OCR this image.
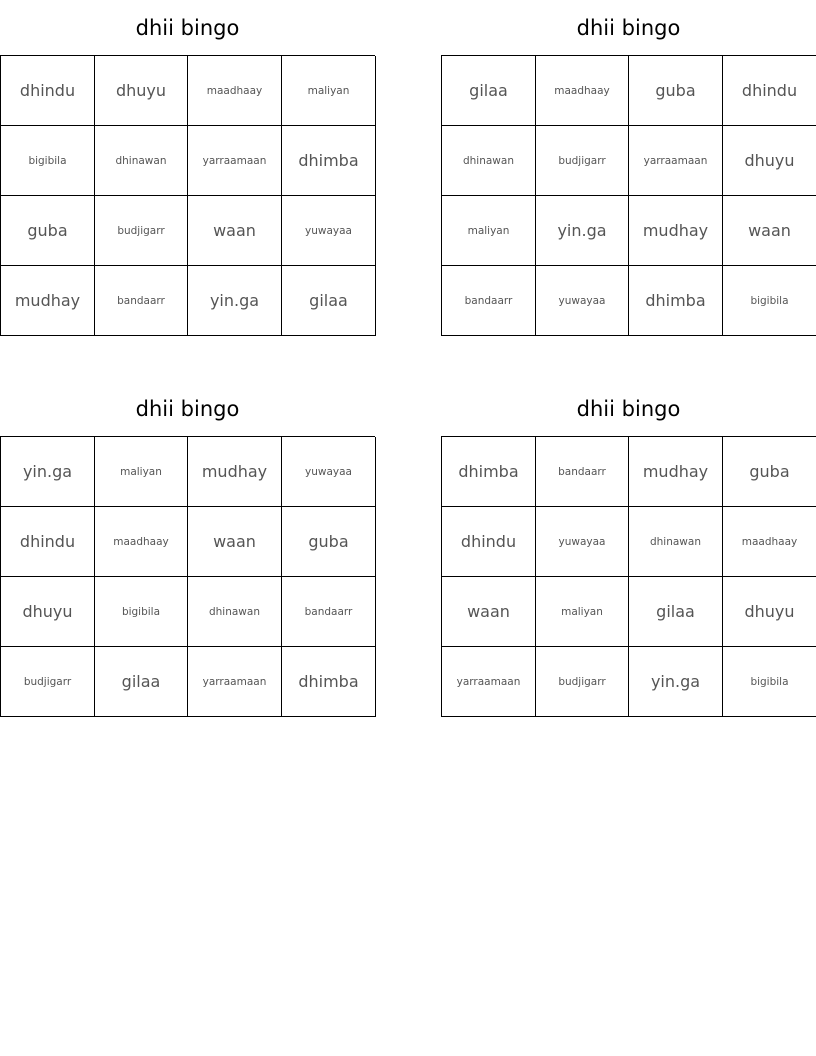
dhii bingo
dhindu	dhuyu	maadhaay	maliyan
bigibila	dhinawan	yarraamaan	dhimba
guba	budjigarr	waan	yuwayaa
mudhay	bandaarr	yin.ga	gilaa
dhii bingo
gilaa	maadhaay	guba	dhindu
dhinawan	budjigarr	yarraamaan	dhuyu
maliyan	yin.ga	mudhay	waan
bandaarr	yuwayaa	dhimba	bigibila
dhii bingo
yin.ga	maliyan	mudhay	yuwayaa
dhindu	maadhaay	waan	guba
dhuyu	bigibila	dhinawan	bandaarr
budjigarr	gilaa	yarraamaan	dhimba
dhii bingo
dhimba	bandaarr	mudhay	guba
dhindu	yuwayaa	dhinawan	maadhaay
waan	maliyan	gilaa	dhuyu
yarraamaan	budjigarr	yin.ga	bigibila
